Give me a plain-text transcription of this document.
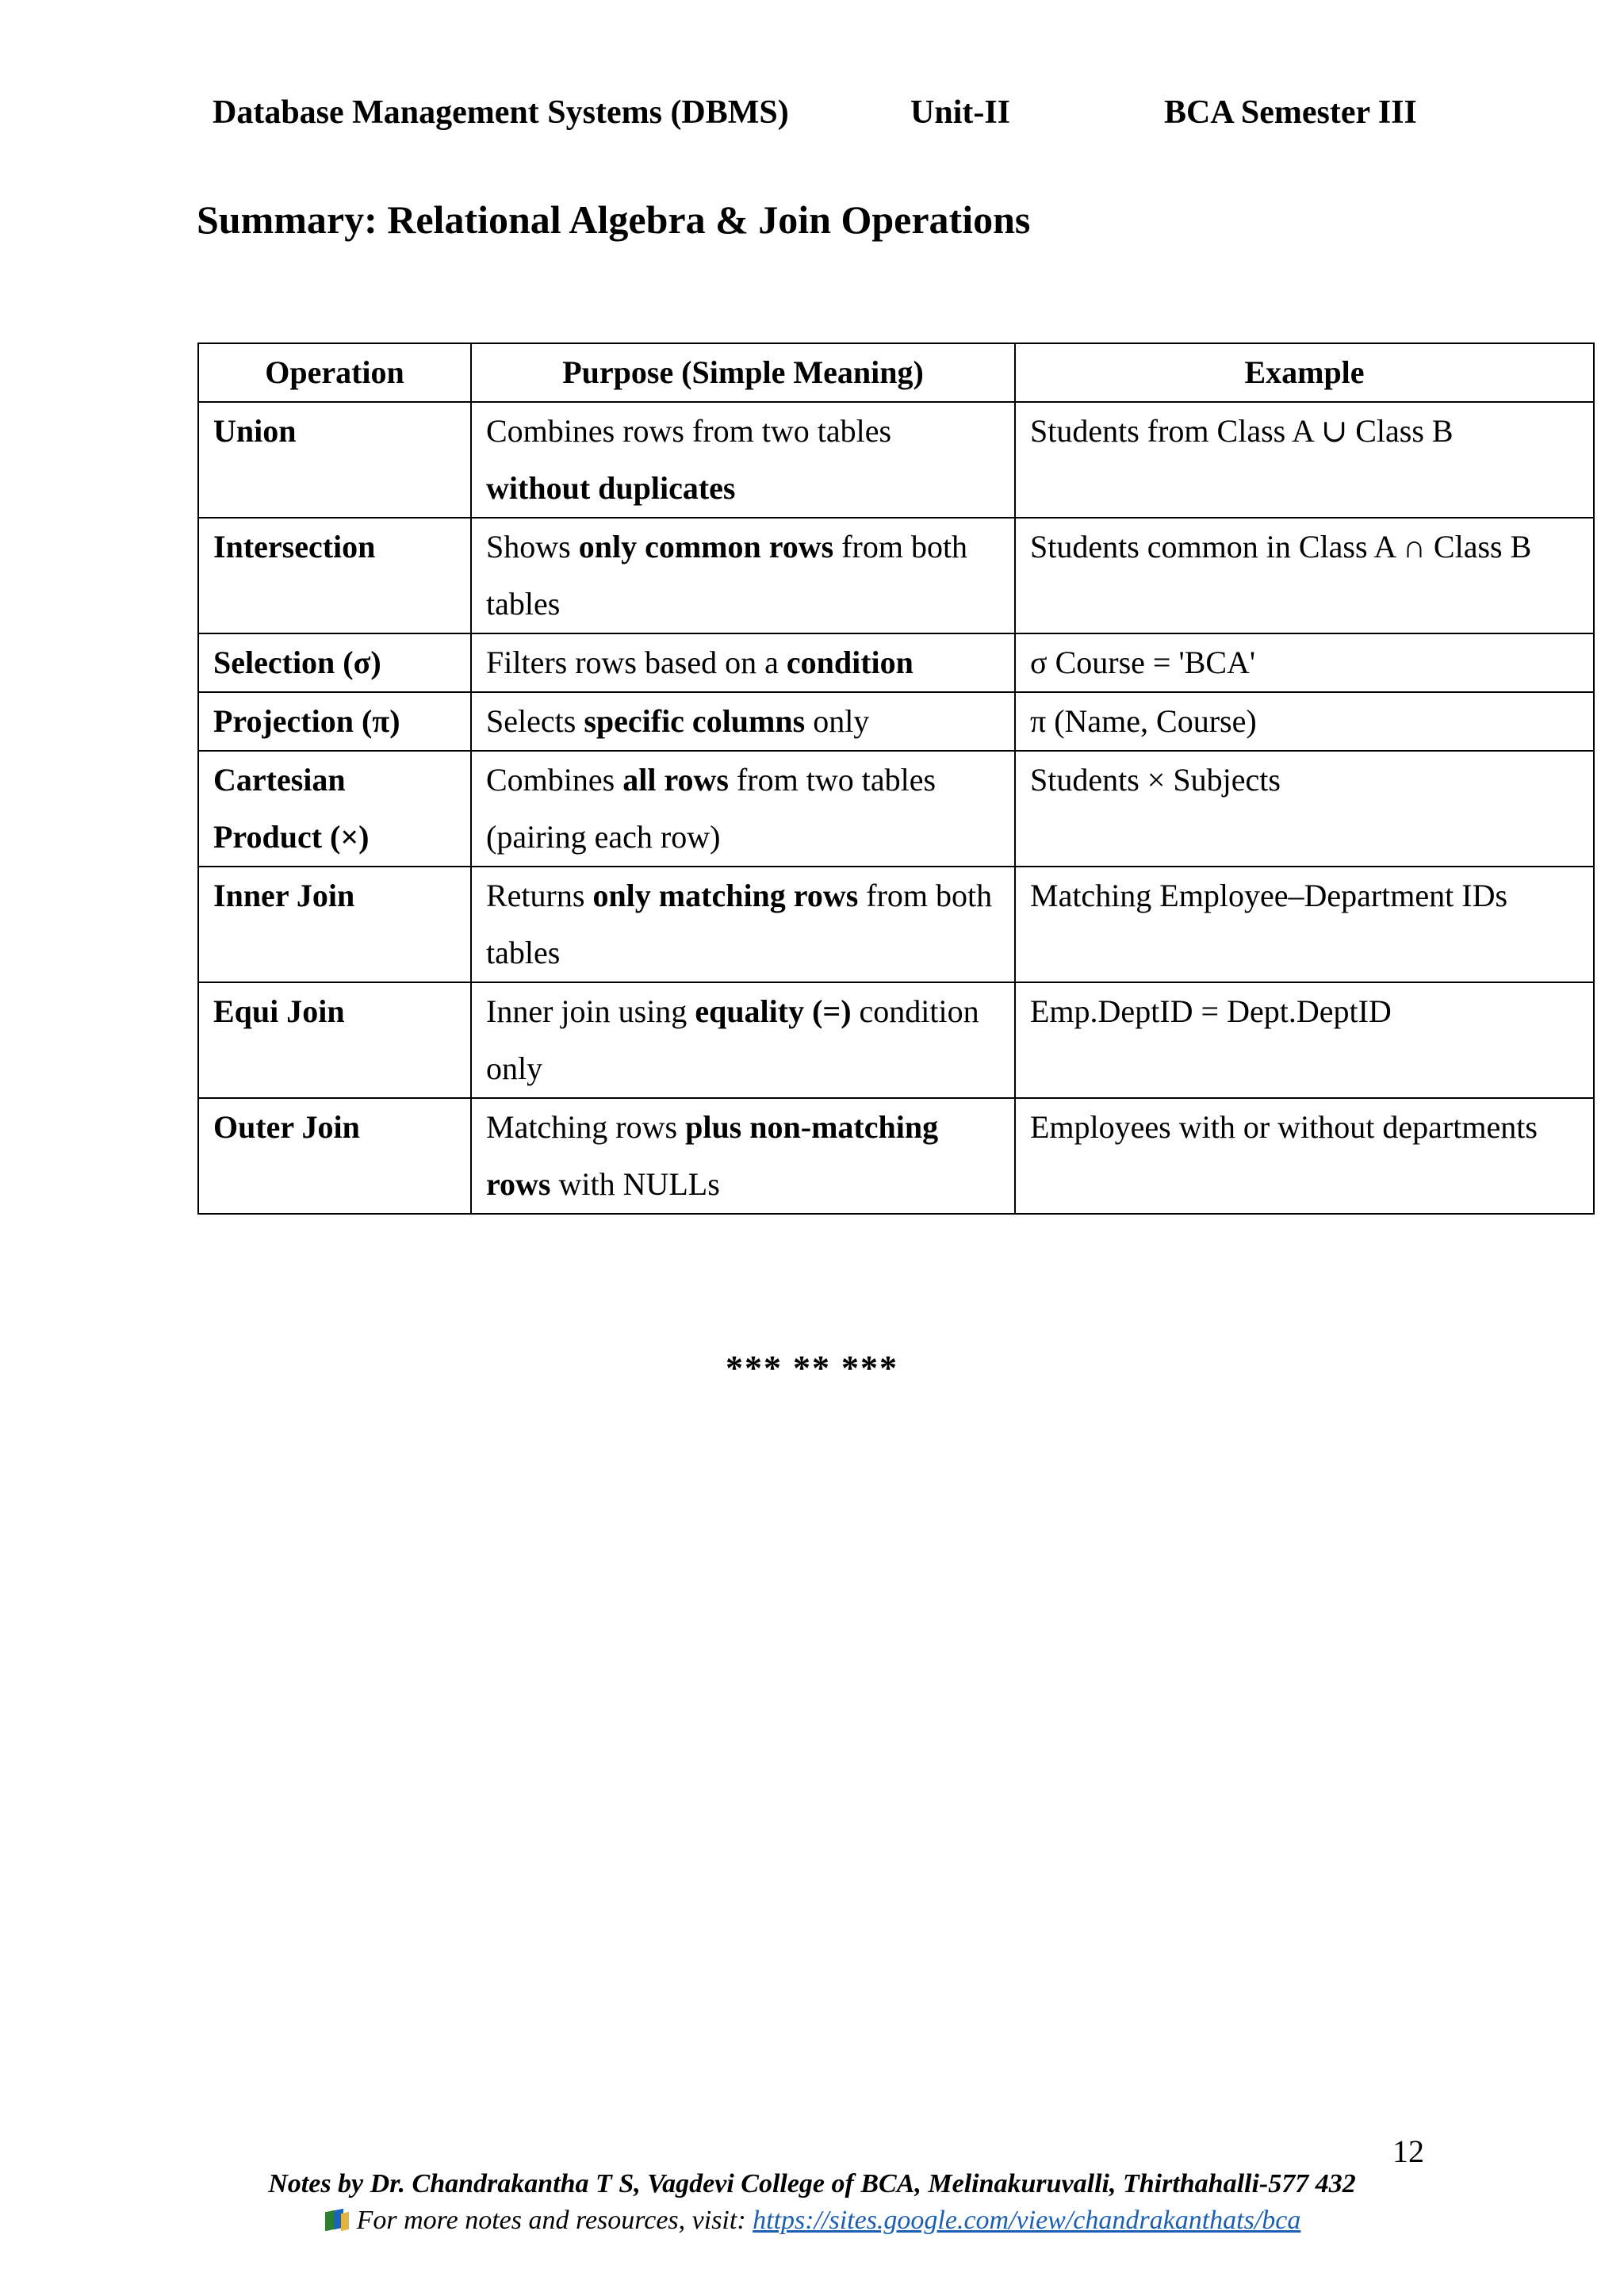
Database Management Systems (DBMS)	Unit-II	BCA Semester III
Summary: Relational Algebra & Join Operations
Operation	Purpose (Simple Meaning)	Example
Union	Combines rows from two tables without duplicates	Students from Class A ∪ Class B
Intersection	Shows only common rows from both tables	Students common in Class A ∩ Class B
Selection (σ)	Filters rows based on a condition	σ Course = 'BCA'
Projection (π)	Selects specific columns only	π (Name, Course)
Cartesian Product (×)	Combines all rows from two tables (pairing each row)	Students × Subjects
Inner Join	Returns only matching rows from both tables	Matching Employee–Department IDs
Equi Join	Inner join using equality (=) condition only	Emp.DeptID = Dept.DeptID
Outer Join	Matching rows plus non-matching rows with NULLs	Employees with or without departments
*** ** ***
12
Notes by Dr. Chandrakantha T S, Vagdevi College of BCA, Melinakuruvalli, Thirthahalli-577 432
For more notes and resources, visit: https://sites.google.com/view/chandrakanthats/bca
